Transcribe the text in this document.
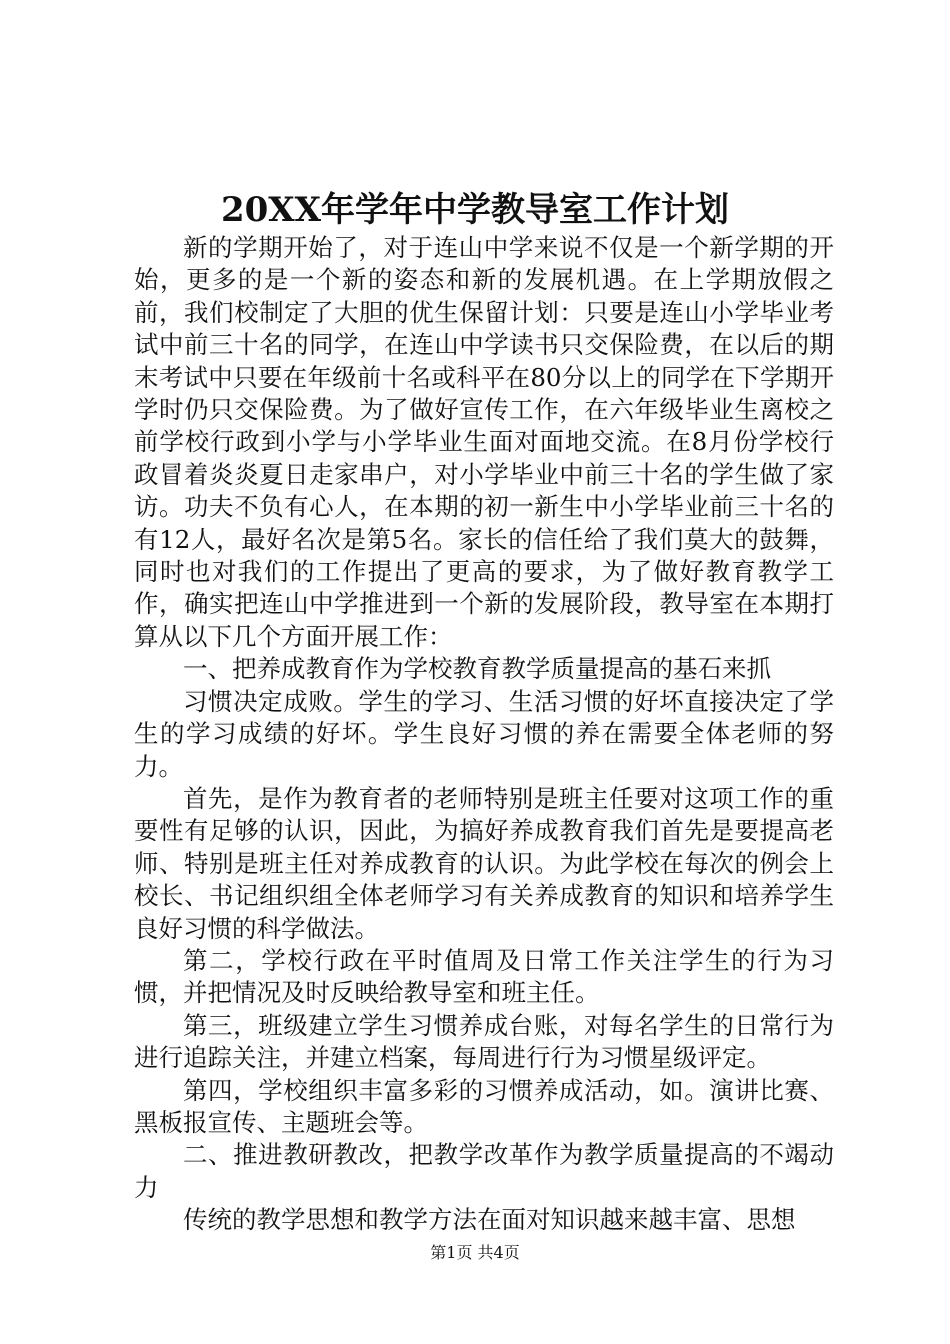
20XX年学年中学教导室工作计划

新的学期开始了，对于连山中学来说不仅是一个新学期的开始，更多的是一个新的姿态和新的发展机遇。在上学期放假之前，我们校制定了大胆的优生保留计划：只要是连山小学毕业考试中前三十名的同学，在连山中学读书只交保险费，在以后的期末考试中只要在年级前十名或科平在80分以上的同学在下学期开学时仍只交保险费。为了做好宣传工作，在六年级毕业生离校之前学校行政到小学与小学毕业生面对面地交流。在8月份学校行政冒着炎炎夏日走家串户，对小学毕业中前三十名的学生做了家访。功夫不负有心人，在本期的初一新生中小学毕业前三十名的有12人，最好名次是第5名。家长的信任给了我们莫大的鼓舞，同时也对我们的工作提出了更高的要求，为了做好教育教学工作，确实把连山中学推进到一个新的发展阶段，教导室在本期打算从以下几个方面开展工作：

一、把养成教育作为学校教育教学质量提高的基石来抓

习惯决定成败。学生的学习、生活习惯的好坏直接决定了学生的学习成绩的好坏。学生良好习惯的养在需要全体老师的努力。

首先，是作为教育者的老师特别是班主任要对这项工作的重要性有足够的认识，因此，为搞好养成教育我们首先是要提高老师、特别是班主任对养成教育的认识。为此学校在每次的例会上校长、书记组织组全体老师学习有关养成教育的知识和培养学生良好习惯的科学做法。

第二，学校行政在平时值周及日常工作关注学生的行为习惯，并把情况及时反映给教导室和班主任。

第三，班级建立学生习惯养成台账，对每名学生的日常行为进行追踪关注，并建立档案，每周进行行为习惯星级评定。

第四，学校组织丰富多彩的习惯养成活动，如。演讲比赛、黑板报宣传、主题班会等。

二、推进教研教改，把教学改革作为教学质量提高的不竭动力

传统的教学思想和教学方法在面对知识越来越丰富、思想

第1页 共4页
